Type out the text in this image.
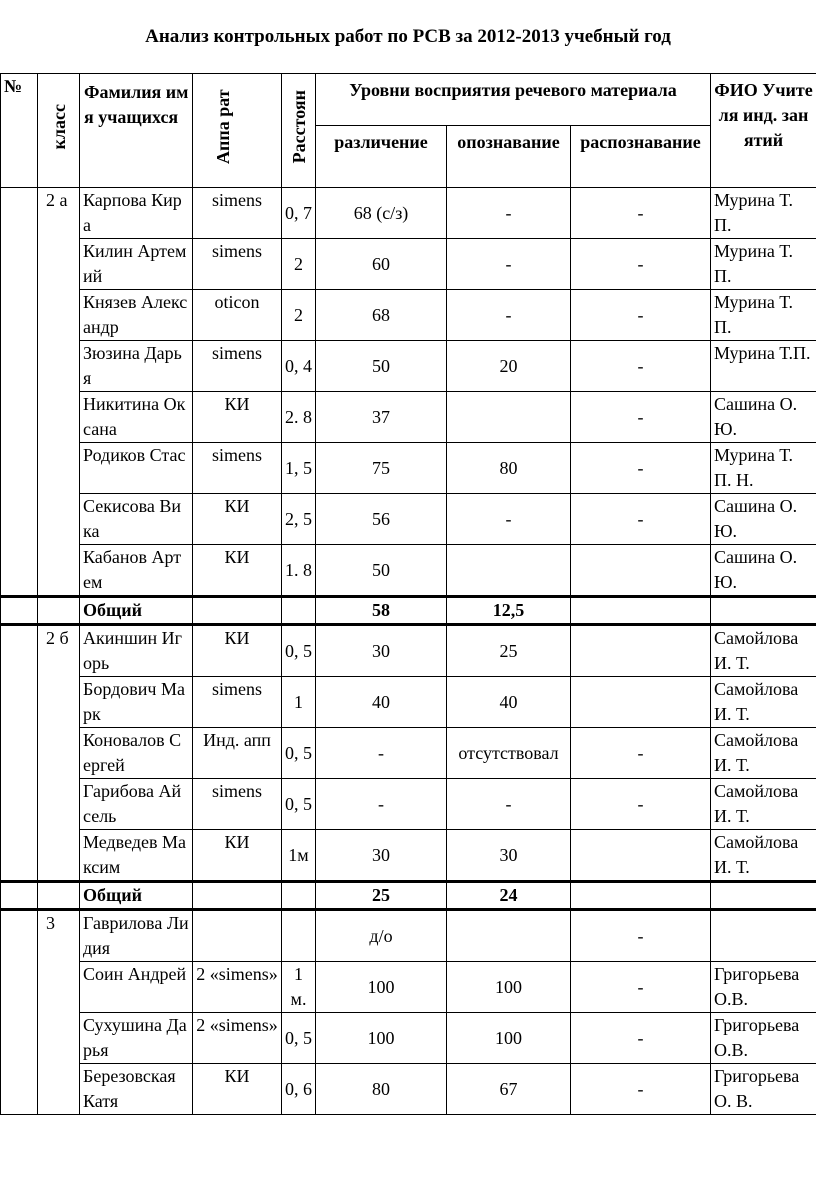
Анализ контрольных работ по РСВ за 2012-2013 учебный год
№	класс	Фамилия имя учащихся	Аппа рат	Расстоян	Уровни восприятия речевого материала			ФИО Учителя инд. занятий
					различение	опознавание	распознавание	
	2 а	Карпова Кира	simens	0, 7	68 (с/з)	-	-	Мурина Т. П.
		Килин Артемий	simens	2	60	-	-	Мурина Т. П.
		Князев Александр	oticon	2	68	-	-	Мурина Т. П.
		Зюзина Дарья	simens	0, 4	50	20	-	Мурина Т.П.
		Никитина Оксана	КИ	2. 8	37		-	Сашина О. Ю.
		Родиков Стас	simens	1, 5	75	80	-	Мурина Т. П. Н.
		Секисова Вика	КИ	2, 5	56	-	-	Сашина О.Ю.
		Кабанов Артем	КИ	1. 8	50			Сашина О.Ю.
		Общий			58	12,5		
	2 б	Акиншин Игорь	КИ	0, 5	30	25		Самойлова И. Т.
		Бордович Марк	simens	1	40	40		Самойлова И. Т.
		Коновалов Сергей	Инд. апп	0, 5	-	отсутствовал	-	Самойлова И. Т.
		Гарибова Айсель	simens	0, 5	-	-	-	Самойлова И. Т.
		Медведев Максим	КИ	1м	30	30		Самойлова И. Т.
		Общий			25	24		
	3	Гаврилова Лидия			д/о		-	
		Соин Андрей	2 «simens»	1 м.	100	100	-	Григорьева О.В.
		Сухушина Дарья	2 «simens»	0, 5	100	100	-	Григорьева О.В.
		Березовская Катя	КИ	0, 6	80	67	-	Григорьева О. В.
